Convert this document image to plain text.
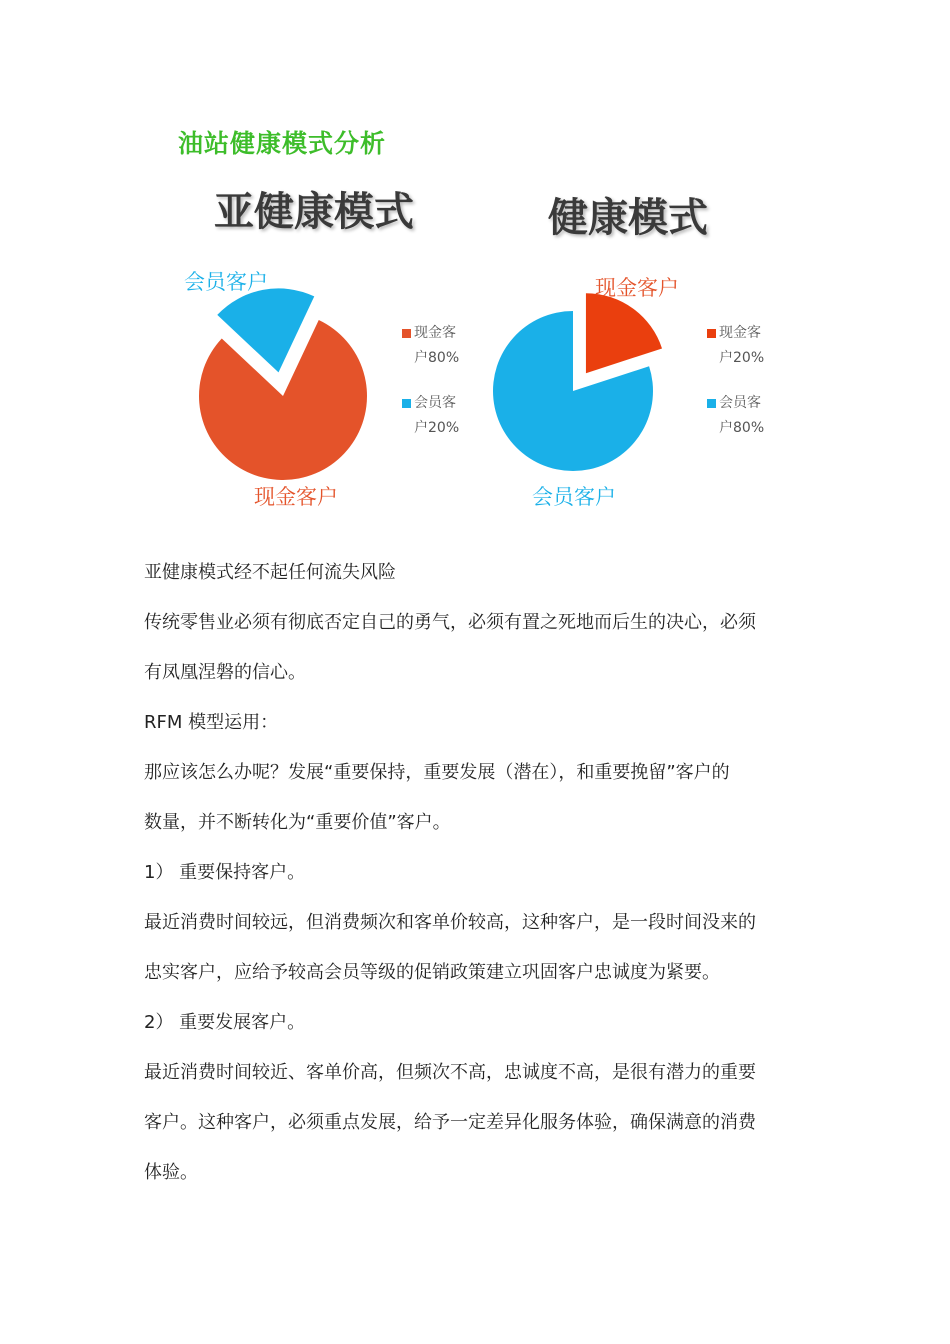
油站健康模式分析
亚健康模式	健康模式
会员客户
现金客户
现金客户
会员客户
现金客
户80%
会员客
户20%
现金客
户20%
会员客
户80%

亚健康模式经不起任何流失风险

传统零售业必须有彻底否定自己的勇气，必须有置之死地而后生的决心，必须

有凤凰涅磐的信心。

RFM 模型运用：

那应该怎么办呢？发展“重要保持，重要发展（潜在），和重要挽留”客户的

数量，并不断转化为“重要价值”客户。

1） 重要保持客户。

最近消费时间较远，但消费频次和客单价较高，这种客户，是一段时间没来的

忠实客户，应给予较高会员等级的促销政策建立巩固客户忠诚度为紧要。

2） 重要发展客户。

最近消费时间较近、客单价高，但频次不高，忠诚度不高，是很有潜力的重要

客户。这种客户，必须重点发展，给予一定差异化服务体验，确保满意的消费

体验。
